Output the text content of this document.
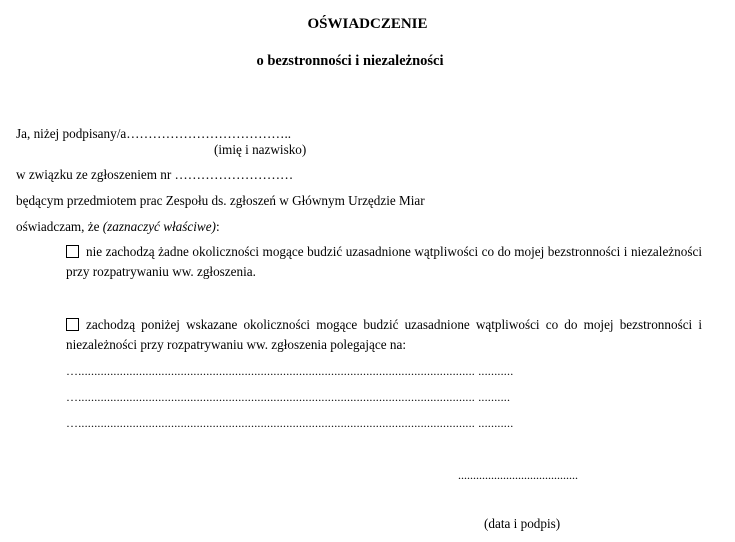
OŚWIADCZENIE
o bezstronności i niezależności
Ja, niżej podpisany/a………………………………..
(imię i nazwisko)
w związku ze zgłoszeniem nr ………………………
będącym przedmiotem prac Zespołu ds. zgłoszeń w Głównym Urzędzie Miar
oświadczam, że (zaznaczyć właściwe):
nie zachodzą żadne okoliczności mogące budzić uzasadnione wątpliwości co do mojej bezstronności i niezależności przy rozpatrywaniu ww. zgłoszenia.
zachodzą poniżej wskazane okoliczności mogące budzić uzasadnione wątpliwości co do mojej bezstronności i niezależności przy rozpatrywaniu ww. zgłoszenia polegające na:
…............................................................................................................................ ...........
…............................................................................................................................ ..........
…............................................................................................................................ ...........
........................................
(data i podpis)
